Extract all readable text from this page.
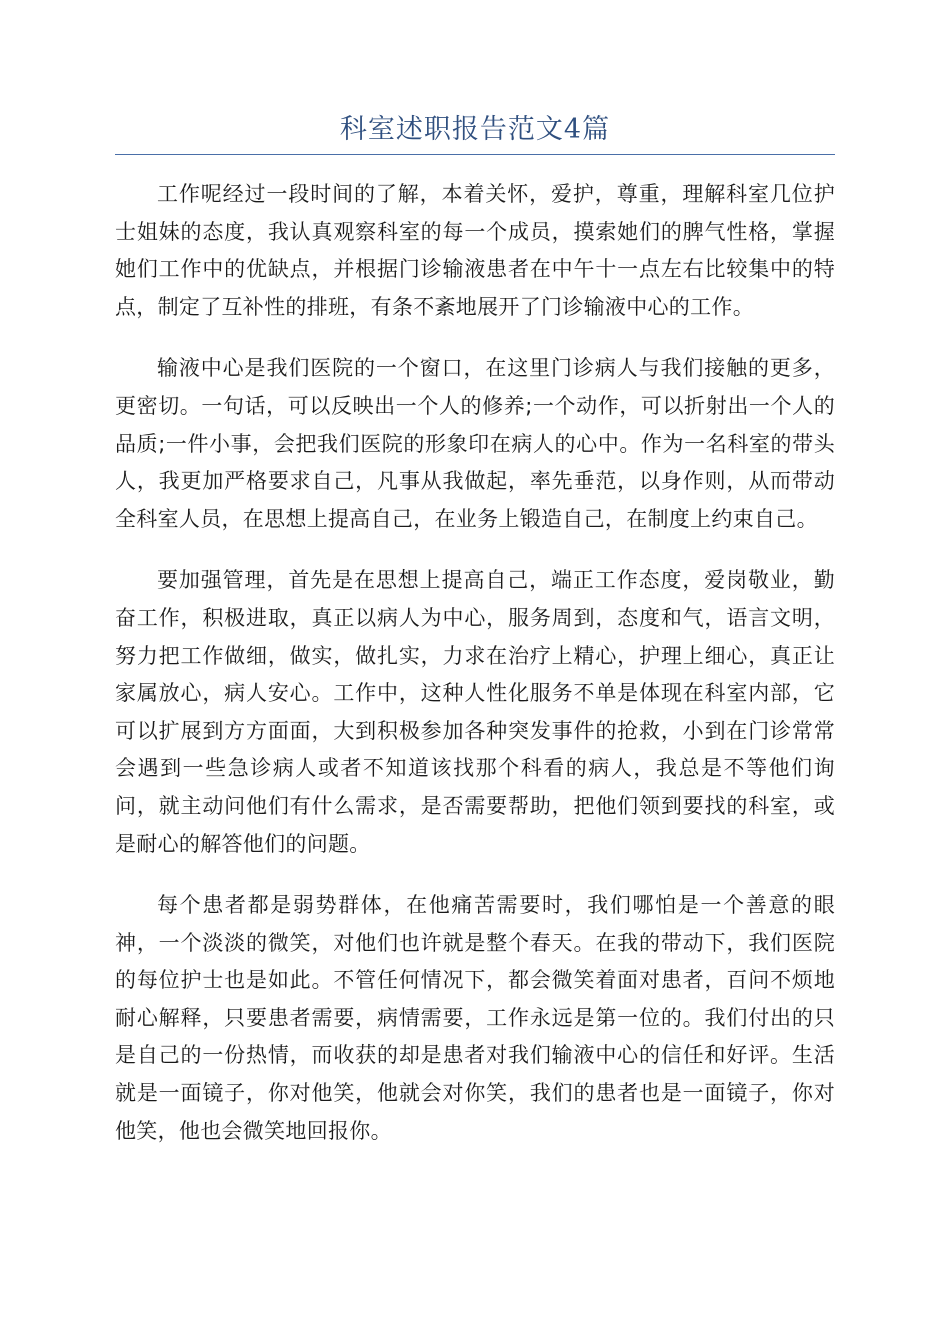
科室述职报告范文4篇

工作呢经过一段时间的了解，本着关怀，爱护，尊重，理解科室几位护士姐妹的态度，我认真观察科室的每一个成员，摸索她们的脾气性格，掌握她们工作中的优缺点，并根据门诊输液患者在中午十一点左右比较集中的特点，制定了互补性的排班，有条不紊地展开了门诊输液中心的工作。

输液中心是我们医院的一个窗口，在这里门诊病人与我们接触的更多，更密切。一句话，可以反映出一个人的修养;一个动作，可以折射出一个人的品质;一件小事，会把我们医院的形象印在病人的心中。作为一名科室的带头人，我更加严格要求自己，凡事从我做起，率先垂范，以身作则，从而带动全科室人员，在思想上提高自己，在业务上锻造自己，在制度上约束自己。

要加强管理，首先是在思想上提高自己，端正工作态度，爱岗敬业，勤奋工作，积极进取，真正以病人为中心，服务周到，态度和气，语言文明，努力把工作做细，做实，做扎实，力求在治疗上精心，护理上细心，真正让家属放心，病人安心。工作中，这种人性化服务不单是体现在科室内部，它可以扩展到方方面面，大到积极参加各种突发事件的抢救，小到在门诊常常会遇到一些急诊病人或者不知道该找那个科看的病人，我总是不等他们询问，就主动问他们有什么需求，是否需要帮助，把他们领到要找的科室，或是耐心的解答他们的问题。

每个患者都是弱势群体，在他痛苦需要时，我们哪怕是一个善意的眼神，一个淡淡的微笑，对他们也许就是整个春天。在我的带动下，我们医院的每位护士也是如此。不管任何情况下，都会微笑着面对患者，百问不烦地耐心解释，只要患者需要，病情需要，工作永远是第一位的。我们付出的只是自己的一份热情，而收获的却是患者对我们输液中心的信任和好评。生活就是一面镜子，你对他笑，他就会对你笑，我们的患者也是一面镜子，你对他笑，他也会微笑地回报你。
